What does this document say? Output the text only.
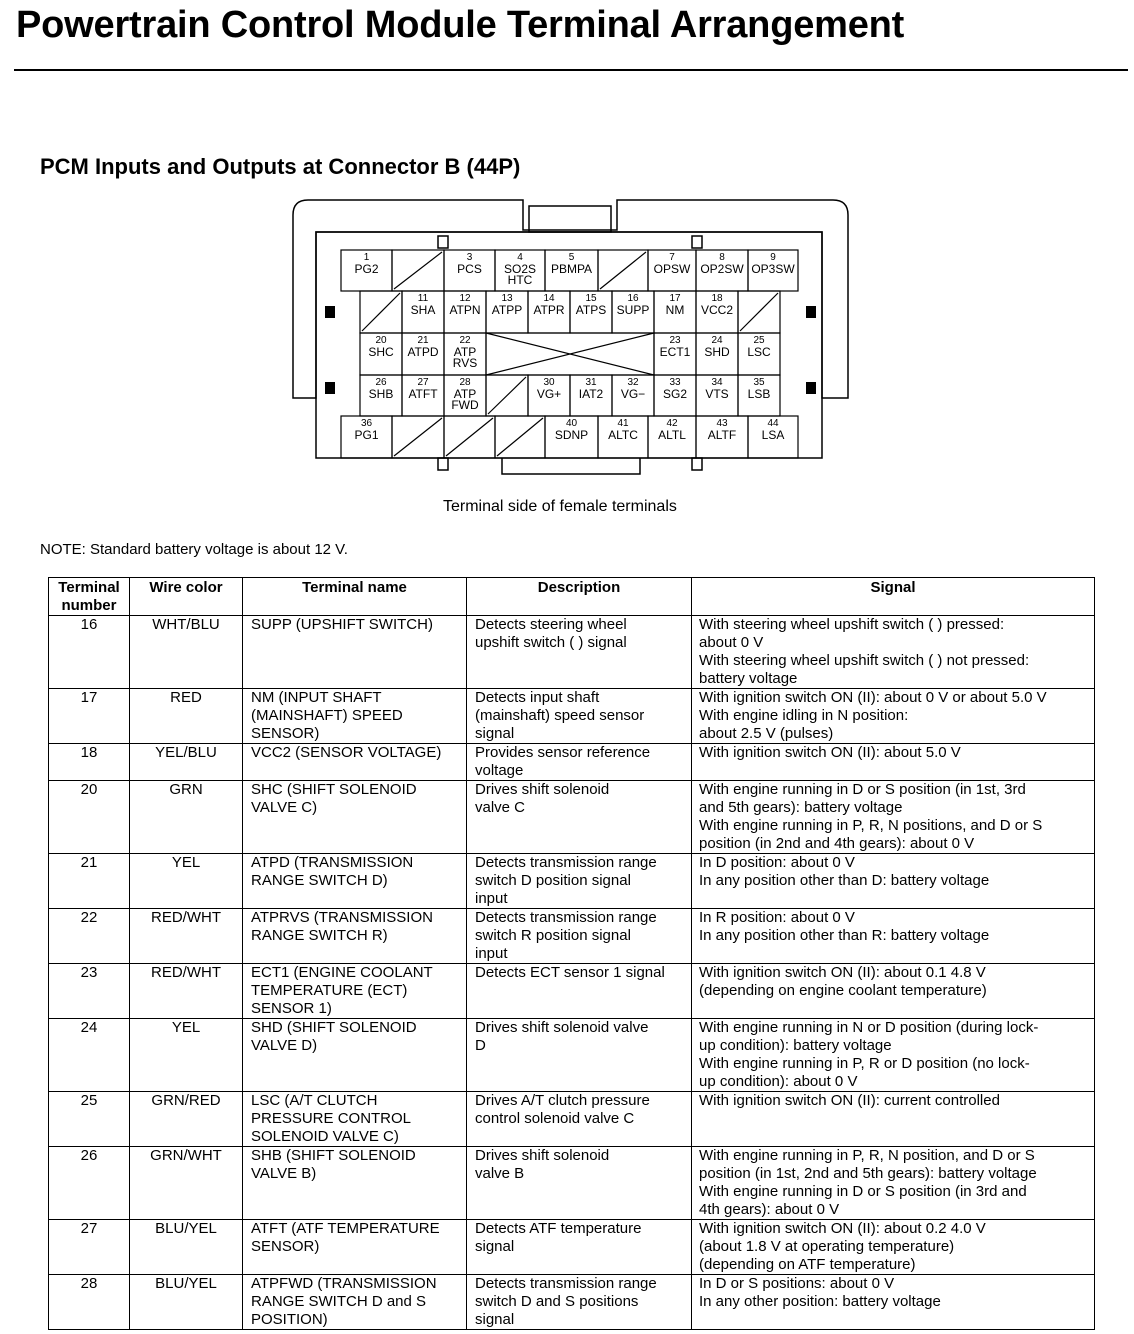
Powertrain Control Module Terminal Arrangement
PCM Inputs and Outputs at Connector B (44P)
1
PG2
3
PCS
4
SO2S
HTC
5
PBMPA
7
OPSW
8
OP2SW
9
OP3SW
11
SHA
12
ATPN
13
ATPP
14
ATPR
15
ATPS
16
SUPP
17
NM
18
VCC2
20
SHC
21
ATPD
22
ATP
RVS
23
ECT1
24
SHD
25
LSC
26
SHB
27
ATFT
28
ATP
FWD
30
VG+
31
IAT2
32
VG−
33
SG2
34
VTS
35
LSB
36
PG1
40
SDNP
41
ALTC
42
ALTL
43
ALTF
44
LSA
Terminal side of female terminals
NOTE: Standard battery voltage is about 12 V.
Terminal
number	Wire color	Terminal name	Description	Signal
16	WHT/BLU	SUPP (UPSHIFT SWITCH)	Detects steering wheel
upshift switch ( ) signal	With steering wheel upshift switch ( ) pressed:
about 0 V
With steering wheel upshift switch ( ) not pressed:
battery voltage
17	RED	NM (INPUT SHAFT
(MAINSHAFT) SPEED
SENSOR)	Detects input shaft
(mainshaft) speed sensor
signal	With ignition switch ON (II): about 0 V or about 5.0 V
With engine idling in N position:
about 2.5 V (pulses)
18	YEL/BLU	VCC2 (SENSOR VOLTAGE)	Provides sensor reference
voltage	With ignition switch ON (II): about 5.0 V
20	GRN	SHC (SHIFT SOLENOID
VALVE C)	Drives shift solenoid
valve C	With engine running in D or S position (in 1st, 3rd
and 5th gears): battery voltage
With engine running in P, R, N positions, and D or S
position (in 2nd and 4th gears): about 0 V
21	YEL	ATPD (TRANSMISSION
RANGE SWITCH D)	Detects transmission range
switch D position signal
input	In D position: about 0 V
In any position other than D: battery voltage
22	RED/WHT	ATPRVS (TRANSMISSION
RANGE SWITCH R)	Detects transmission range
switch R position signal
input	In R position: about 0 V
In any position other than R: battery voltage
23	RED/WHT	ECT1 (ENGINE COOLANT
TEMPERATURE (ECT)
SENSOR 1)	Detects ECT sensor 1 signal	With ignition switch ON (II): about 0.1 4.8 V
(depending on engine coolant temperature)
24	YEL	SHD (SHIFT SOLENOID
VALVE D)	Drives shift solenoid valve
D	With engine running in N or D position (during lock-
up condition): battery voltage
With engine running in P, R or D position (no lock-
up condition): about 0 V
25	GRN/RED	LSC (A/T CLUTCH
PRESSURE CONTROL
SOLENOID VALVE C)	Drives A/T clutch pressure
control solenoid valve C	With ignition switch ON (II): current controlled
26	GRN/WHT	SHB (SHIFT SOLENOID
VALVE B)	Drives shift solenoid
valve B	With engine running in P, R, N position, and D or S
position (in 1st, 2nd and 5th gears): battery voltage
With engine running in D or S position (in 3rd and
4th gears): about 0 V
27	BLU/YEL	ATFT (ATF TEMPERATURE
SENSOR)	Detects ATF temperature
signal	With ignition switch ON (II): about 0.2 4.0 V
(about 1.8 V at operating temperature)
(depending on ATF temperature)
28	BLU/YEL	ATPFWD (TRANSMISSION
RANGE SWITCH D and S
POSITION)	Detects transmission range
switch D and S positions
signal	In D or S positions: about 0 V
In any other position: battery voltage
